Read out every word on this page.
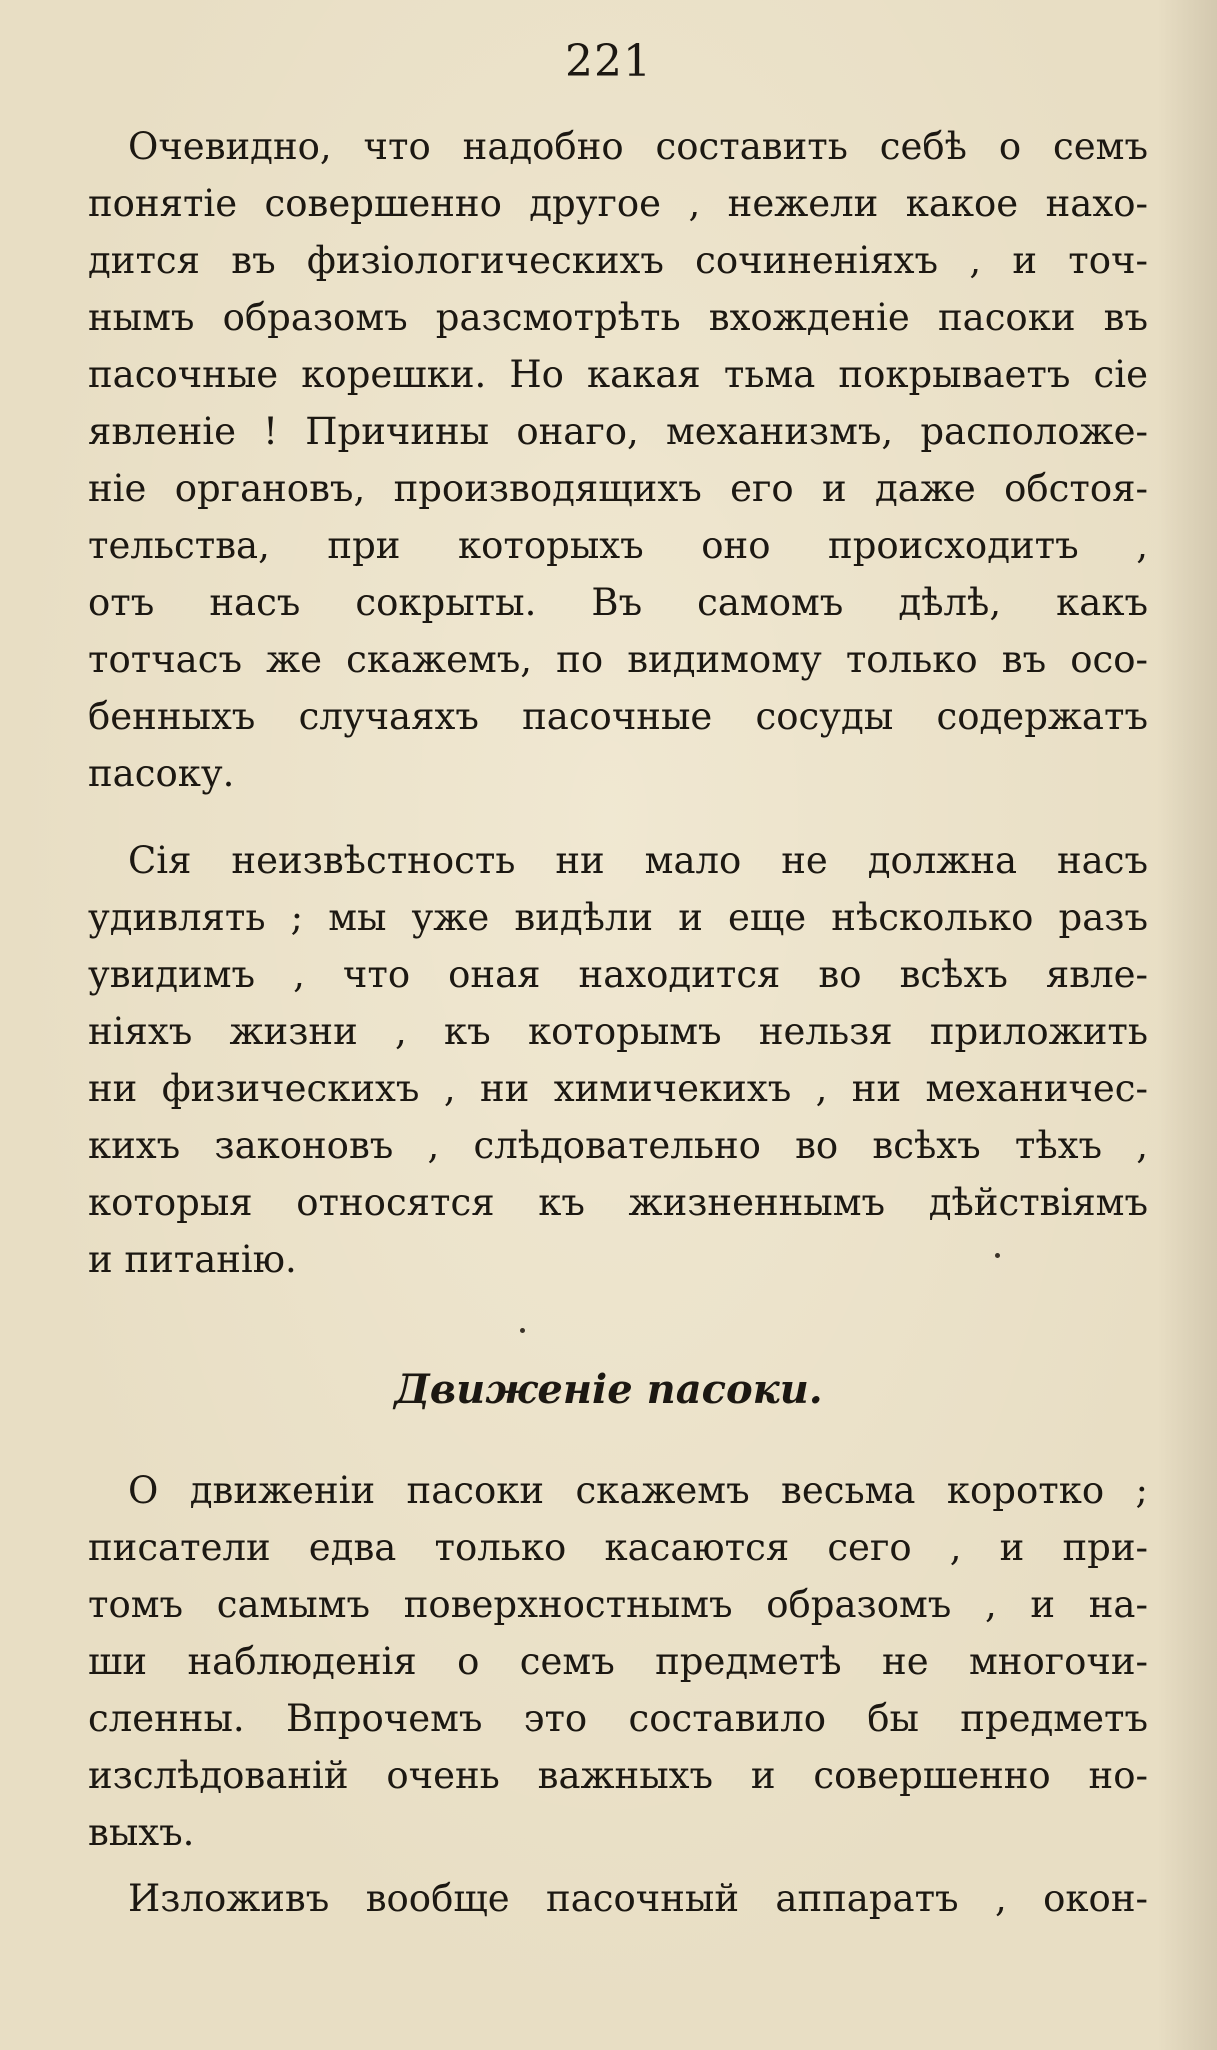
221
Очевидно, что надобно составить себѣ о семъ
понятіе совершенно другое , нежели какое нахо-
дится въ физіологическихъ сочиненіяхъ , и точ-
нымъ образомъ разсмотрѣть вхожденіе пасоки въ
пасочные корешки. Но какая тьма покрываетъ сіе
явленіе ! Причины онаго, механизмъ, расположе-
ніе органовъ, производящихъ его и даже обстоя-
тельства, при которыхъ оно происходитъ ,
отъ насъ сокрыты. Въ самомъ дѣлѣ, какъ
тотчасъ же скажемъ, по видимому только въ осо-
бенныхъ случаяхъ пасочные сосуды содержатъ
пасоку.
Сія неизвѣстность ни мало не должна насъ
удивлять ; мы уже видѣли и еще нѣсколько разъ
увидимъ , что оная находится во всѣхъ явле-
ніяхъ жизни , къ которымъ нельзя приложить
ни физическихъ , ни химичекихъ , ни механичес-
кихъ законовъ , слѣдовательно во всѣхъ тѣхъ ,
которыя относятся къ жизненнымъ дѣйствіямъ
и питанію.
Движеніе пасоки.
О движеніи пасоки скажемъ весьма коротко ;
писатели едва только касаются сего , и при-
томъ самымъ поверхностнымъ образомъ , и на-
ши наблюденія о семъ предметѣ не многочи-
сленны. Впрочемъ это составило бы предметъ
изслѣдованій очень важныхъ и совершенно но-
выхъ.
Изложивъ вообще пасочный аппаратъ , окон-
